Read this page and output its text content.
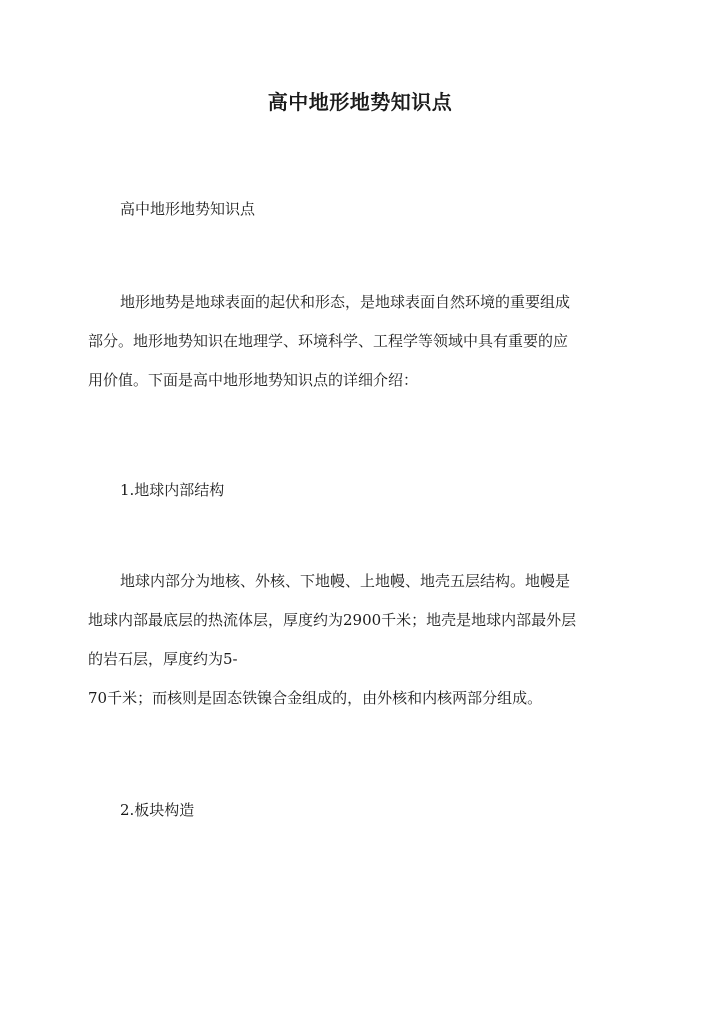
高中地形地势知识点
高中地形地势知识点
地形地势是地球表面的起伏和形态，是地球表面自然环境的重要组成
部分。地形地势知识在地理学、环境科学、工程学等领域中具有重要的应
用价值。下面是高中地形地势知识点的详细介绍：
1.地球内部结构
地球内部分为地核、外核、下地幔、上地幔、地壳五层结构。地幔是
地球内部最底层的热流体层，厚度约为2900千米；地壳是地球内部最外层
的岩石层，厚度约为5-
70千米；而核则是固态铁镍合金组成的，由外核和内核两部分组成。
2.板块构造
